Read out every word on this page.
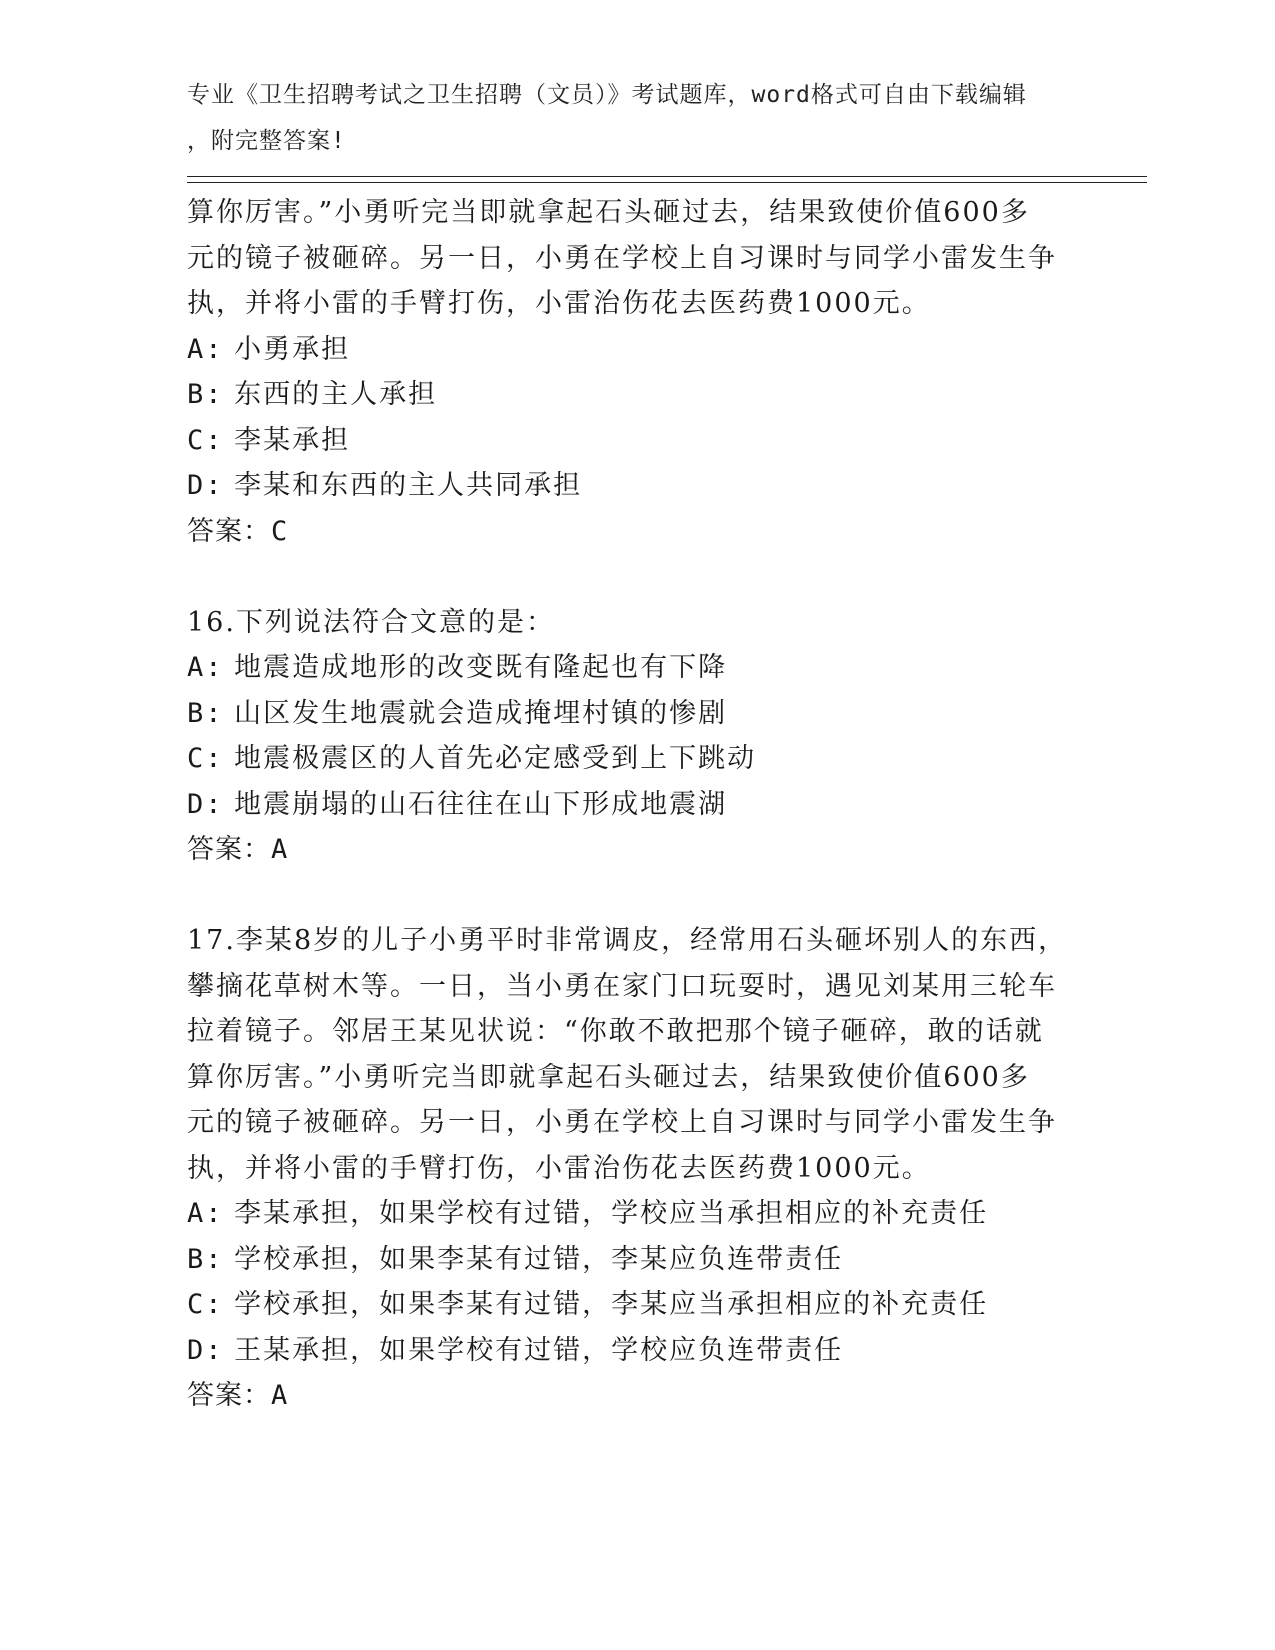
专业《卫生招聘考试之卫生招聘（文员）》考试题库，word格式可自由下载编辑
，附完整答案!
算你厉害。”小勇听完当即就拿起石头砸过去，结果致使价值600多
元的镜子被砸碎。另一日，小勇在学校上自习课时与同学小雷发生争
执，并将小雷的手臂打伤，小雷治伤花去医药费1000元。
A: 小勇承担
B: 东西的主人承担
C: 李某承担
D: 李某和东西的主人共同承担
答案：C
16.下列说法符合文意的是：
A: 地震造成地形的改变既有隆起也有下降
B: 山区发生地震就会造成掩埋村镇的惨剧
C: 地震极震区的人首先必定感受到上下跳动
D: 地震崩塌的山石往往在山下形成地震湖
答案：A
17.李某8岁的儿子小勇平时非常调皮，经常用石头砸坏别人的东西，
攀摘花草树木等。一日，当小勇在家门口玩耍时，遇见刘某用三轮车
拉着镜子。邻居王某见状说：“你敢不敢把那个镜子砸碎，敢的话就
算你厉害。”小勇听完当即就拿起石头砸过去，结果致使价值600多
元的镜子被砸碎。另一日，小勇在学校上自习课时与同学小雷发生争
执，并将小雷的手臂打伤，小雷治伤花去医药费1000元。
A: 李某承担，如果学校有过错，学校应当承担相应的补充责任
B: 学校承担，如果李某有过错，李某应负连带责任
C: 学校承担，如果李某有过错，李某应当承担相应的补充责任
D: 王某承担，如果学校有过错，学校应负连带责任
答案：A
